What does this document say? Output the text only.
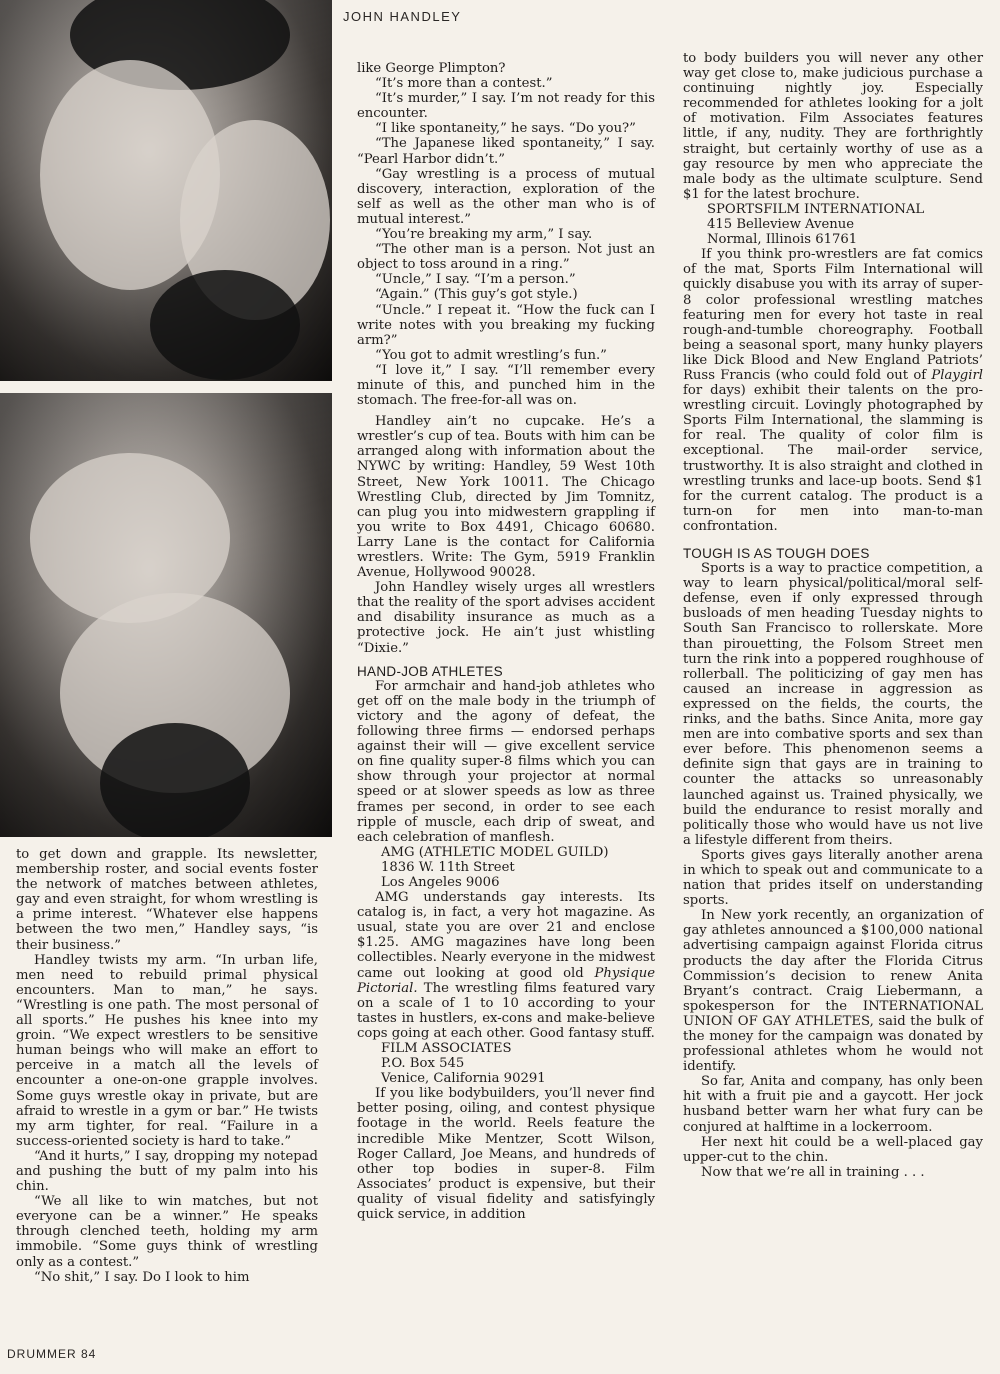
JOHN HANDLEY

to get down and grapple. Its newsletter, membership roster, and social events foster the network of matches between athletes, gay and even straight, for whom wrestling is a prime interest. “Whatever else happens between the two men,” Handley says, “is their business.”

Handley twists my arm. “In urban life, men need to rebuild primal physical encounters. Man to man,” he says. “Wrestling is one path. The most personal of all sports.” He pushes his knee into my groin. “We expect wrestlers to be sensitive human beings who will make an effort to perceive in a match all the levels of encounter a one-on-one grapple involves. Some guys wrestle okay in private, but are afraid to wrestle in a gym or bar.” He twists my arm tighter, for real. “Failure in a success-oriented society is hard to take.”

“And it hurts,” I say, dropping my notepad and pushing the butt of my palm into his chin.

“We all like to win matches, but not everyone can be a winner.” He speaks through clenched teeth, holding my arm immobile. “Some guys think of wrestling only as a contest.”

“No shit,” I say. Do I look to him

like George Plimpton?

“It’s more than a contest.”

“It’s murder,” I say. I’m not ready for this encounter.

“I like spontaneity,” he says. “Do you?”

“The Japanese liked spontaneity,” I say. “Pearl Harbor didn’t.”

“Gay wrestling is a process of mutual discovery, interaction, exploration of the self as well as the other man who is of mutual interest.”

“You’re breaking my arm,” I say.

“The other man is a person. Not just an object to toss around in a ring.”

“Uncle,” I say. “I’m a person.”

“Again.” (This guy’s got style.)

“Uncle.” I repeat it. “How the fuck can I write notes with you breaking my fucking arm?”

“You got to admit wrestling’s fun.”

“I love it,” I say. “I’ll remember every minute of this, and punched him in the stomach. The free-for-all was on.

Handley ain’t no cupcake. He’s a wrestler’s cup of tea. Bouts with him can be arranged along with information about the NYWC by writing: Handley, 59 West 10th Street, New York 10011. The Chicago Wrestling Club, directed by Jim Tomnitz, can plug you into midwestern grappling if you write to Box 4491, Chicago 60680. Larry Lane is the contact for California wrestlers. Write: The Gym, 5919 Franklin Avenue, Hollywood 90028.

John Handley wisely urges all wrestlers that the reality of the sport advises accident and disability insurance as much as a protective jock. He ain’t just whistling “Dixie.”

HAND-JOB ATHLETES

For armchair and hand-job athletes who get off on the male body in the triumph of victory and the agony of defeat, the following three firms — endorsed perhaps against their will — give excellent service on fine quality super-8 films which you can show through your projector at normal speed or at slower speeds as low as three frames per second, in order to see each ripple of muscle, each drip of sweat, and each celebration of manflesh.

AMG (ATHLETIC MODEL GUILD)

1836 W. 11th Street

Los Angeles 9006

AMG understands gay interests. Its catalog is, in fact, a very hot magazine. As usual, state you are over 21 and enclose $1.25. AMG magazines have long been collectibles. Nearly everyone in the midwest came out looking at good old Physique Pictorial. The wrestling films featured vary on a scale of 1 to 10 according to your tastes in hustlers, ex-cons and make-believe cops going at each other. Good fantasy stuff.

FILM ASSOCIATES

P.O. Box 545

Venice, California 90291

If you like bodybuilders, you’ll never find better posing, oiling, and contest physique footage in the world. Reels feature the incredible Mike Mentzer, Scott Wilson, Roger Callard, Joe Means, and hundreds of other top bodies in super-8. Film Associates’ product is expensive, but their quality of visual fidelity and satisfyingly quick service, in addition

to body builders you will never any other way get close to, make judicious purchase a continuing nightly joy. Especially recommended for athletes looking for a jolt of motivation. Film Associates features little, if any, nudity. They are forthrightly straight, but certainly worthy of use as a gay resource by men who appreciate the male body as the ultimate sculpture. Send $1 for the latest brochure.

SPORTSFILM INTERNATIONAL

415 Belleview Avenue

Normal, Illinois 61761

If you think pro-wrestlers are fat comics of the mat, Sports Film International will quickly disabuse you with its array of super-8 color professional wrestling matches featuring men for every hot taste in real rough-and-tumble choreography. Football being a seasonal sport, many hunky players like Dick Blood and New England Patriots’ Russ Francis (who could fold out of Playgirl for days) exhibit their talents on the pro-wrestling circuit. Lovingly photographed by Sports Film International, the slamming is for real. The quality of color film is exceptional. The mail-order service, trustworthy. It is also straight and clothed in wrestling trunks and lace-up boots. Send $1 for the current catalog. The product is a turn-on for men into man-to-man confrontation.

TOUGH IS AS TOUGH DOES

Sports is a way to practice competition, a way to learn physical/political/moral self-defense, even if only expressed through busloads of men heading Tuesday nights to South San Francisco to rollerskate. More than pirouetting, the Folsom Street men turn the rink into a poppered roughhouse of rollerball. The politicizing of gay men has caused an increase in aggression as expressed on the fields, the courts, the rinks, and the baths. Since Anita, more gay men are into combative sports and sex than ever before. This phenomenon seems a definite sign that gays are in training to counter the attacks so unreasonably launched against us. Trained physically, we build the endurance to resist morally and politically those who would have us not live a lifestyle different from theirs.

Sports gives gays literally another arena in which to speak out and communicate to a nation that prides itself on understanding sports.

In New york recently, an organization of gay athletes announced a $100,000 national advertising campaign against Florida citrus products the day after the Florida Citrus Commission’s decision to renew Anita Bryant’s contract. Craig Liebermann, a spokesperson for the INTERNATIONAL UNION OF GAY ATHLETES, said the bulk of the money for the campaign was donated by professional athletes whom he would not identify.

So far, Anita and company, has only been hit with a fruit pie and a gaycott. Her jock husband better warn her what fury can be conjured at halftime in a lockerroom.

Her next hit could be a well-placed gay upper-cut to the chin.

Now that we’re all in training . . .

DRUMMER 84
